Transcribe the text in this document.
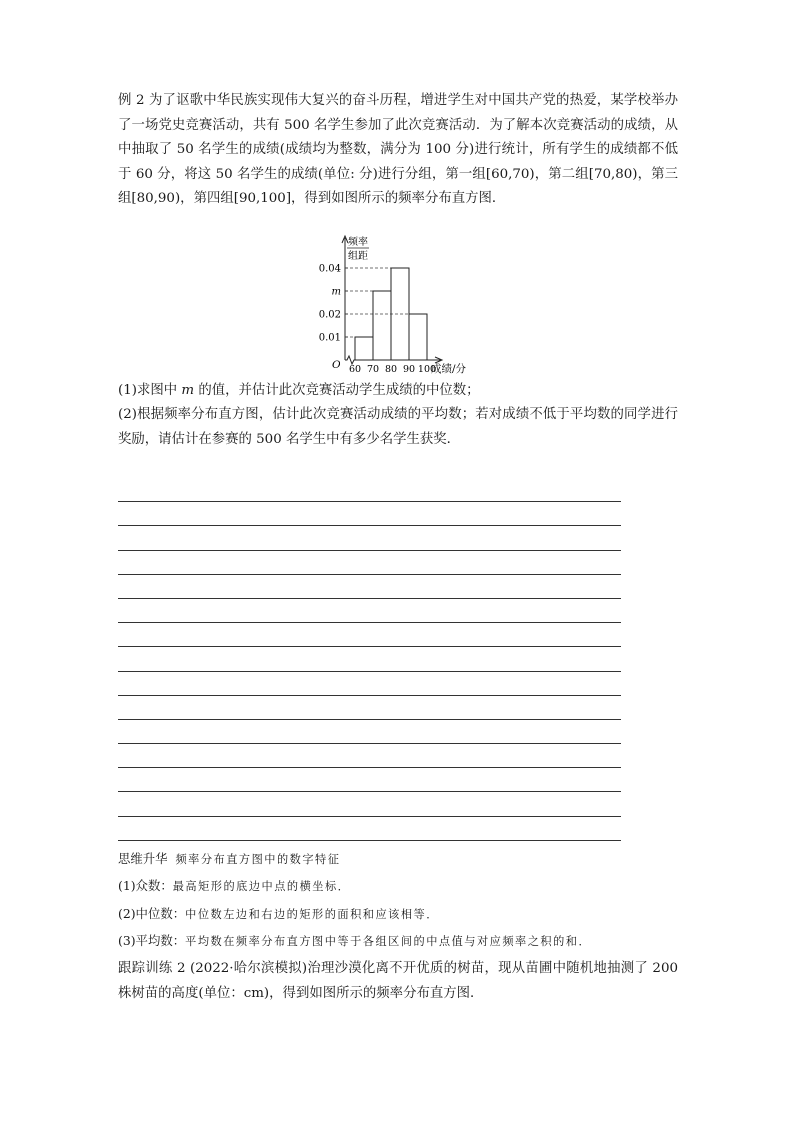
例 2 为了讴歌中华民族实现伟大复兴的奋斗历程，增进学生对中国共产党的热爱，某学校举办了一场党史竞赛活动，共有 500 名学生参加了此次竞赛活动．为了解本次竞赛活动的成绩，从中抽取了 50 名学生的成绩(成绩均为整数，满分为 100 分)进行统计，所有学生的成绩都不低于 60 分，将这 50 名学生的成绩(单位: 分)进行分组，第一组[60,70)，第二组[70,80)，第三组[80,90)，第四组[90,100]，得到如图所示的频率分布直方图．

0.01
0.02
m
0.04
60 70 80 90 100
成绩/分
O
频率
组距

(1)求图中 m 的值，并估计此次竞赛活动学生成绩的中位数；

(2)根据频率分布直方图，估计此次竞赛活动成绩的平均数；若对成绩不低于平均数的同学进行奖励，请估计在参赛的 500 名学生中有多少名学生获奖．

思维升华 频率分布直方图中的数字特征

(1)众数：最高矩形的底边中点的横坐标．

(2)中位数：中位数左边和右边的矩形的面积和应该相等．

(3)平均数：平均数在频率分布直方图中等于各组区间的中点值与对应频率之积的和．

跟踪训练 2 (2022·哈尔滨模拟)治理沙漠化离不开优质的树苗，现从苗圃中随机地抽测了 200 株树苗的高度(单位：cm)，得到如图所示的频率分布直方图．
